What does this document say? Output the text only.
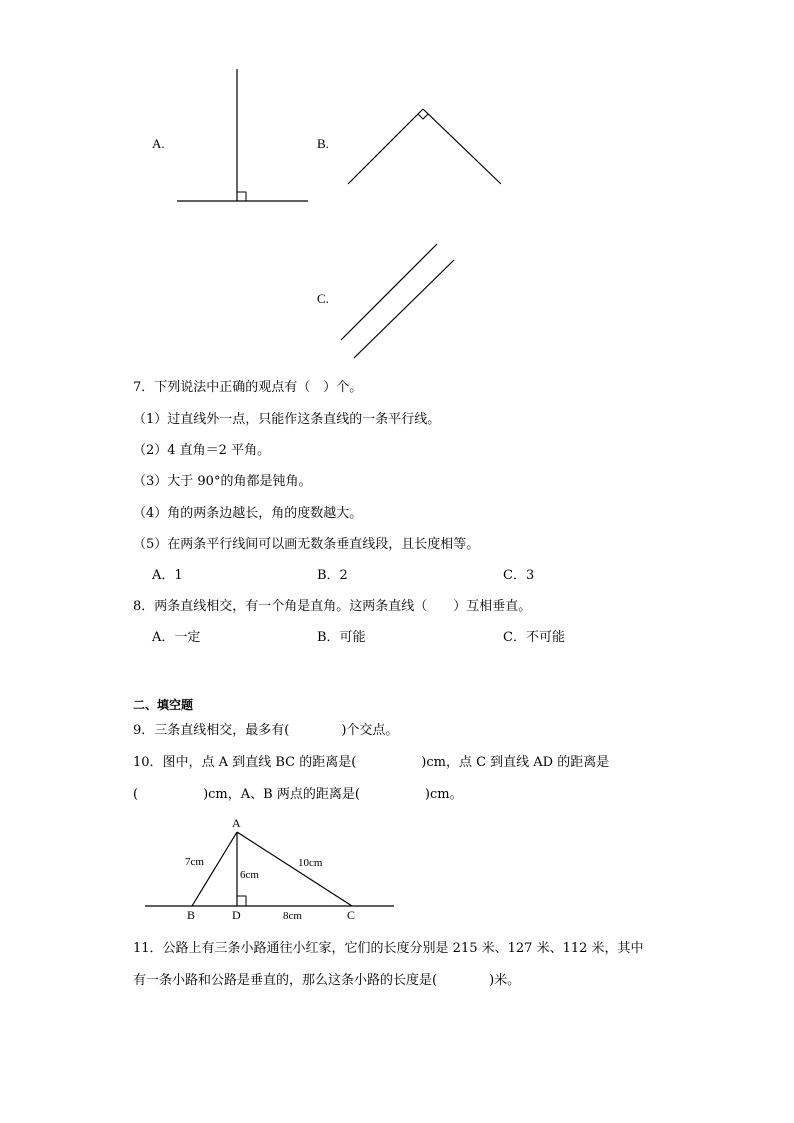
A.	B.
C.
7．下列说法中正确的观点有（　）个。
（1）过直线外一点，只能作这条直线的一条平行线。
（2）4 直角＝2 平角。
（3）大于 90°的角都是钝角。
（4）角的两条边越长，角的度数越大。
（5）在两条平行线间可以画无数条垂直线段，且长度相等。
A．1	B．2	C．3
8．两条直线相交，有一个角是直角。这两条直线（　　）互相垂直。
A．一定	B．可能	C．不可能
二、填空题
9．三条直线相交，最多有(　　　　)个交点。
10．图中，点 A 到直线 BC 的距离是(　　　　　)cm，点 C 到直线 AD 的距离是
(　　　　　)cm，A、B 两点的距离是(　　　　　)cm。
A
B	D	C
7cm
6cm
10cm
8cm
11．公路上有三条小路通往小红家，它们的长度分别是 215 米、127 米、112 米，其中
有一条小路和公路是垂直的，那么这条小路的长度是(　　　　)米。
